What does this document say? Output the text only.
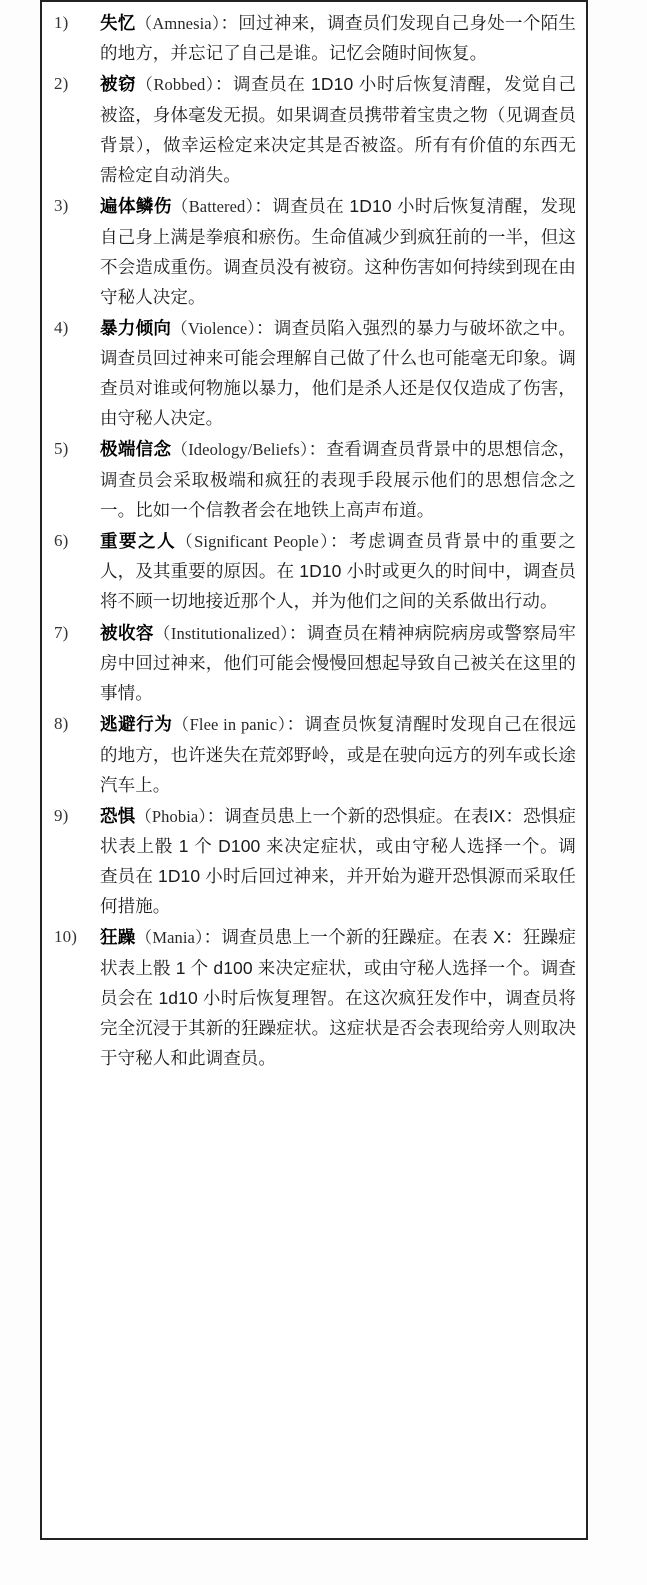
1)	失忆（Amnesia）：回过神来，调查员们发现自己身处一个陌生的地方，并忘记了自己是谁。记忆会随时间恢复。
2)	被窃（Robbed）：调查员在 1D10 小时后恢复清醒，发觉自己被盗，身体毫发无损。如果调查员携带着宝贵之物（见调查员背景），做幸运检定来决定其是否被盗。所有有价值的东西无需检定自动消失。
3)	遍体鳞伤（Battered）：调查员在 1D10 小时后恢复清醒，发现自己身上满是拳痕和瘀伤。生命值减少到疯狂前的一半，但这不会造成重伤。调查员没有被窃。这种伤害如何持续到现在由守秘人决定。
4)	暴力倾向（Violence）：调查员陷入强烈的暴力与破坏欲之中。调查员回过神来可能会理解自己做了什么也可能毫无印象。调查员对谁或何物施以暴力，他们是杀人还是仅仅造成了伤害，由守秘人决定。
5)	极端信念（Ideology/Beliefs）：查看调查员背景中的思想信念，调查员会采取极端和疯狂的表现手段展示他们的思想信念之一。比如一个信教者会在地铁上高声布道。
6)	重要之人（Significant People）：考虑调查员背景中的重要之人，及其重要的原因。在 1D10 小时或更久的时间中，调查员将不顾一切地接近那个人，并为他们之间的关系做出行动。
7)	被收容（Institutionalized）：调查员在精神病院病房或警察局牢房中回过神来，他们可能会慢慢回想起导致自己被关在这里的事情。
8)	逃避行为（Flee in panic）：调查员恢复清醒时发现自己在很远的地方，也许迷失在荒郊野岭，或是在驶向远方的列车或长途汽车上。
9)	恐惧（Phobia）：调查员患上一个新的恐惧症。在表IX：恐惧症状表上骰 1 个 D100 来决定症状，或由守秘人选择一个。调查员在 1D10 小时后回过神来，并开始为避开恐惧源而采取任何措施。
10)	狂躁（Mania）：调查员患上一个新的狂躁症。在表 X：狂躁症状表上骰 1 个 d100 来决定症状，或由守秘人选择一个。调查员会在 1d10 小时后恢复理智。在这次疯狂发作中，调查员将完全沉浸于其新的狂躁症状。这症状是否会表现给旁人则取决于守秘人和此调查员。
